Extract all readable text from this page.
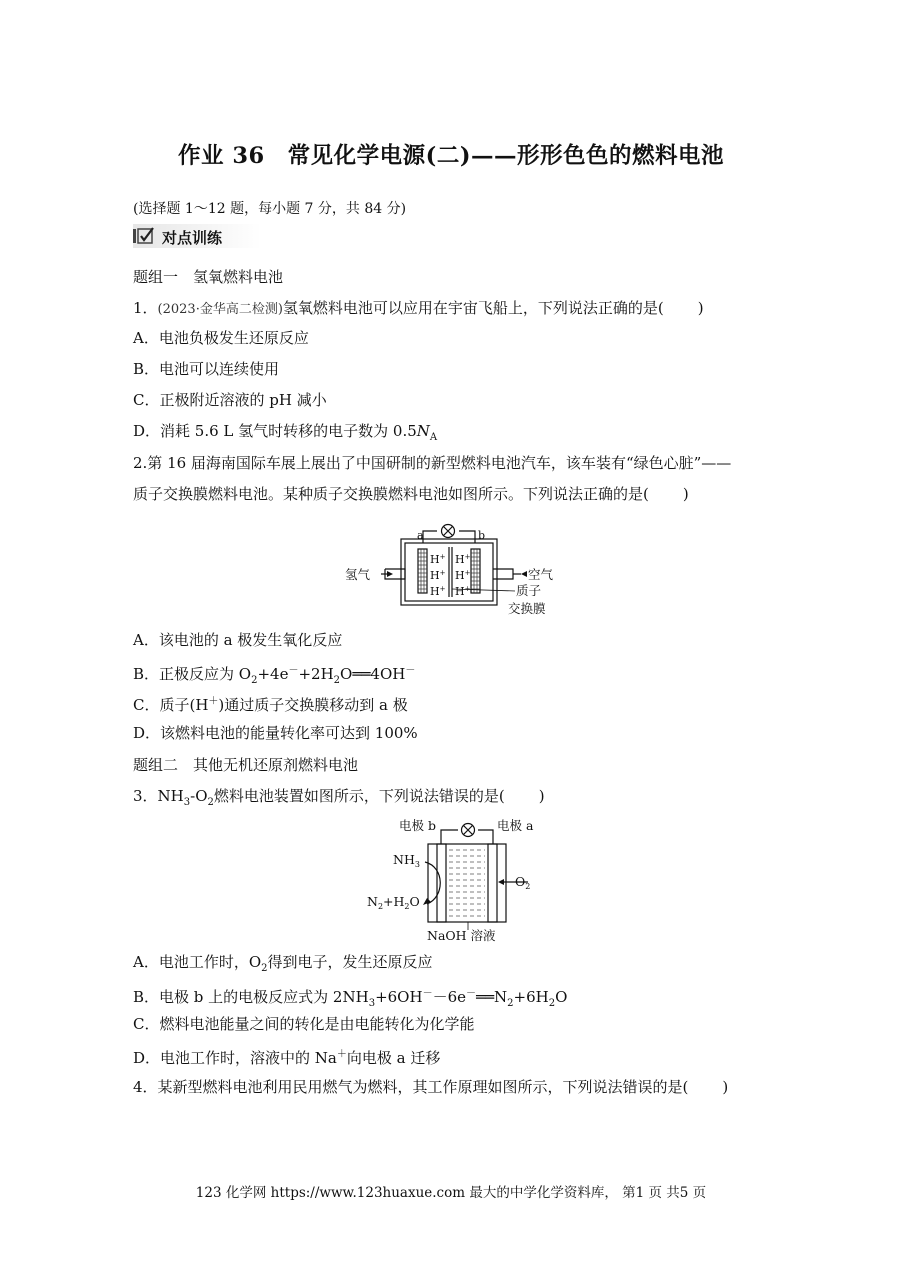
作业 36　常见化学电源(二)——形形色色的燃料电池
(选择题 1～12 题，每小题 7 分，共 84 分)
对点训练
题组一　氢氧燃料电池
1．(2023·金华高二检测)氢氧燃料电池可以应用在宇宙飞船上，下列说法正确的是( )
A．电池负极发生还原反应
B．电池可以连续使用
C．正极附近溶液的 pH 减小
D．消耗 5.6 L 氢气时转移的电子数为 $0.5N_A$
2.第 16 届海南国际车展上展出了中国研制的新型燃料电池汽车，该车装有“绿色心脏”——
质子交换膜燃料电池。某种质子交换膜燃料电池如图所示。下列说法正确的是( )
a	b
H+
H+
H+
H+
H+
H+
氢气	空气
质子
交换膜
A．该电池的 a 极发生氧化反应
B．正极反应为 $O_2+4e^-+2H_2O══4OH^-$
C．质子(H＋)通过质子交换膜移动到 a 极
D．该燃料电池的能量转化率可达到 100%
题组二　其他无机还原剂燃料电池
3．$NH_3-O_2$燃料电池装置如图所示，下列说法错误的是( )
电极 b	电极 a
$NH_3$
$N_2+H_2O$
$O_2$
NaOH 溶液
A．电池工作时，$O_2$得到电子，发生还原反应
B．电极 b 上的电极反应式为 $2NH_3+6OH^--6e^-══N_2+6H_2O$
C．燃料电池能量之间的转化是由电能转化为化学能
D．电池工作时，溶液中的 Na＋向电极 a 迁移
4．某新型燃料电池利用民用燃气为燃料，其工作原理如图所示，下列说法错误的是( )
123 化学网 https://www.123huaxue.com 最大的中学化学资料库， 第1 页 共5 页
